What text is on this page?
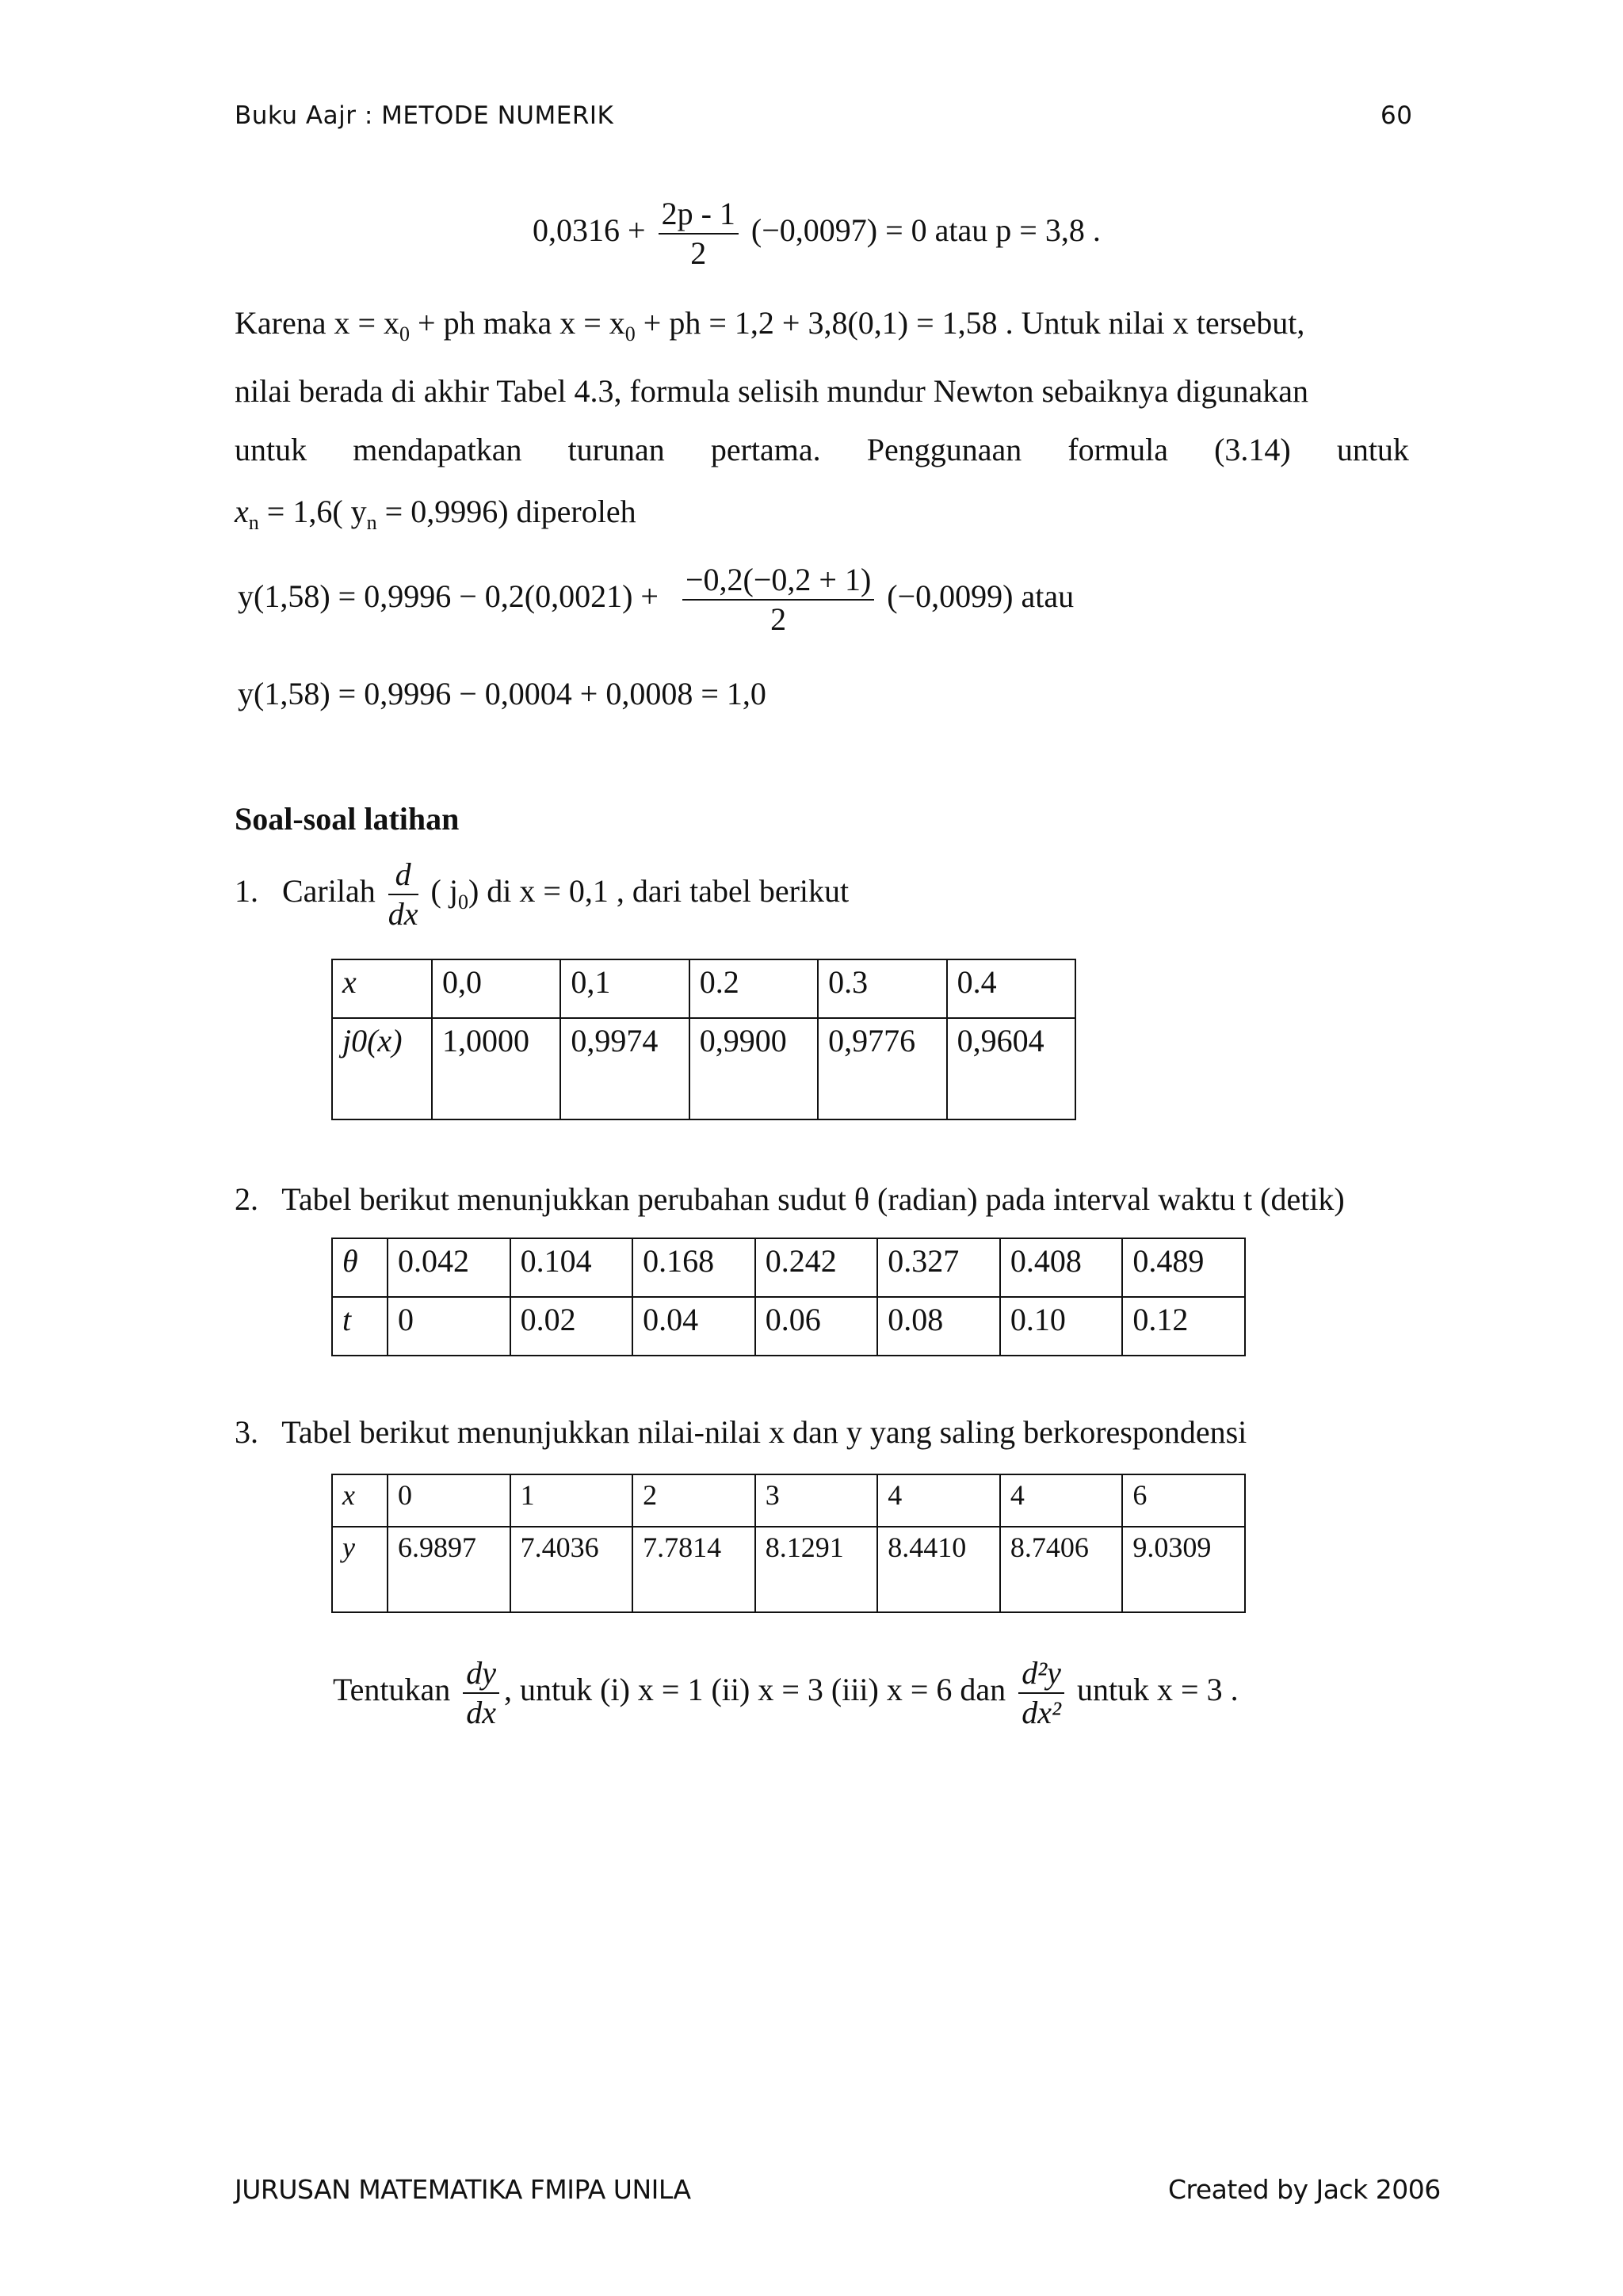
Buku Aajr : METODE NUMERIK	60
$0,0316 + \frac{2p - 1}{2} (-0,0097) = 0$ atau p = 3,8 .
Karena $x = x_0$ + ph maka $x = x_0$ + ph = 1,2 + 3,8(0,1) = 1,58 . Untuk nilai x tersebut,
nilai berada di akhir Tabel 4.3, formula selisih mundur Newton sebaiknya digunakan
untuk mendapatkan turunan pertama. Penggunaan formula (3.14) untuk
$x_n = 1,6$( $y_n = 0,9996$) diperoleh
$y(1,58) = 0,9996 - 0,2(0,0021) + \frac{-0,2(-0,2 + 1)}{2} (-0,0099)$ atau
y(1,58) = 0,9996 − 0,0004 + 0,0008 = 1,0
Soal-soal latihan
1. Carilah $\frac{d}{dx}$ ( $j_0$) di x = 0,1 , dari tabel berikut
x	0,0	0,1	0.2	0.3	0.4
j0(x)	1,0000	0,9974	0,9900	0,9776	0,9604
2. Tabel berikut menunjukkan perubahan sudut θ (radian) pada interval waktu t (detik)
θ	0.042	0.104	0.168	0.242	0.327	0.408	0.489
t	0	0.02	0.04	0.06	0.08	0.10	0.12
3. Tabel berikut menunjukkan nilai-nilai x dan y yang saling berkorespondensi
x	0	1	2	3	4	4	6
y	6.9897	7.4036	7.7814	8.1291	8.4410	8.7406	9.0309
Tentukan $\frac{dy}{dx}$ , untuk (i) x = 1 (ii) x = 3 (iii) x = 6 dan $\frac{\text{d²y}}{\text{dx²}}$ untuk x = 3 .
JURUSAN MATEMATIKA FMIPA UNILA	Created by Jack 2006
